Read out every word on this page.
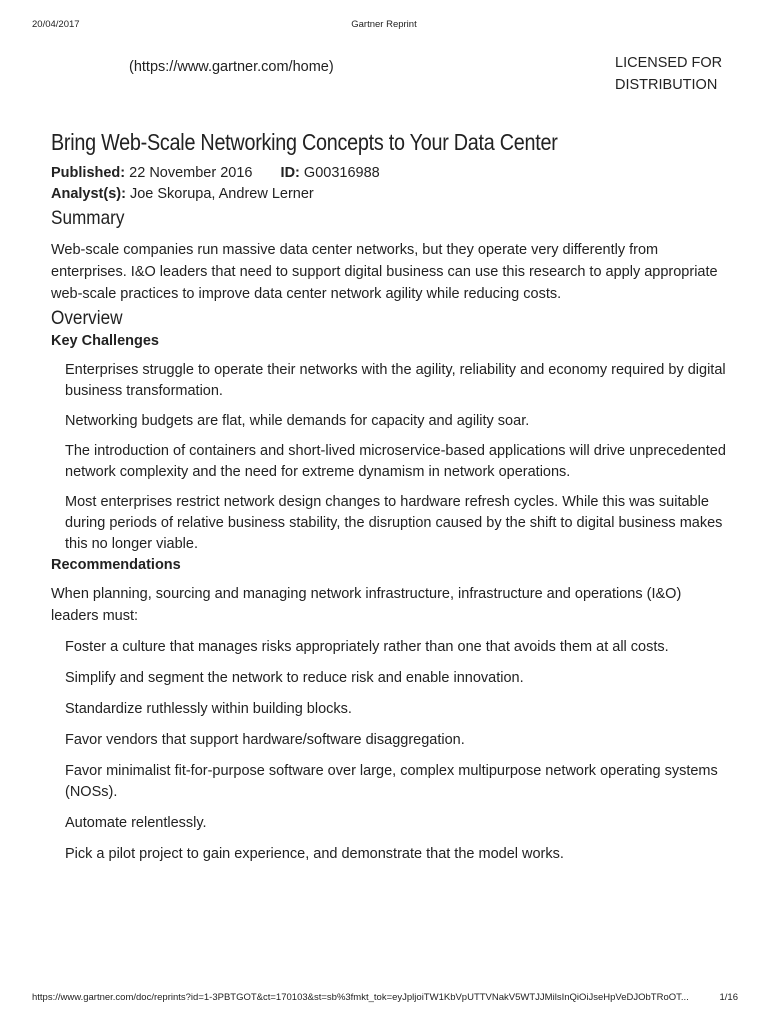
20/04/2017	Gartner Reprint
(https://www.gartner.com/home)	LICENSED FOR
DISTRIBUTION
Bring Web-Scale Networking Concepts to Your Data Center
Published: 22 November 2016 ID: G00316988
Analyst(s): Joe Skorupa, Andrew Lerner
Summary

Web-scale companies run massive data center networks, but they operate very differently from enterprises. I&O leaders that need to support digital business can use this research to apply appropriate web-scale practices to improve data center network agility while reducing costs.

Overview
Key Challenges
Enterprises struggle to operate their networks with the agility, reliability and economy required by digital business transformation.
Networking budgets are flat, while demands for capacity and agility soar.
The introduction of containers and short-lived microservice-based applications will drive unprecedented network complexity and the need for extreme dynamism in network operations.
Most enterprises restrict network design changes to hardware refresh cycles. While this was suitable during periods of relative business stability, the disruption caused by the shift to digital business makes this no longer viable.
Recommendations

When planning, sourcing and managing network infrastructure, infrastructure and operations (I&O) leaders must:

Foster a culture that manages risks appropriately rather than one that avoids them at all costs.
Simplify and segment the network to reduce risk and enable innovation.
Standardize ruthlessly within building blocks.
Favor vendors that support hardware/software disaggregation.
Favor minimalist fit-for-purpose software over large, complex multipurpose network operating systems (NOSs).
Automate relentlessly.
Pick a pilot project to gain experience, and demonstrate that the model works.
https://www.gartner.com/doc/reprints?id=1-3PBTGOT&ct=170103&st=sb%3fmkt_tok=eyJpljoiTW1KbVpUTTVNakV5WTJJMilsInQiOiJseHpVeDJObTRoOT...	1/16
